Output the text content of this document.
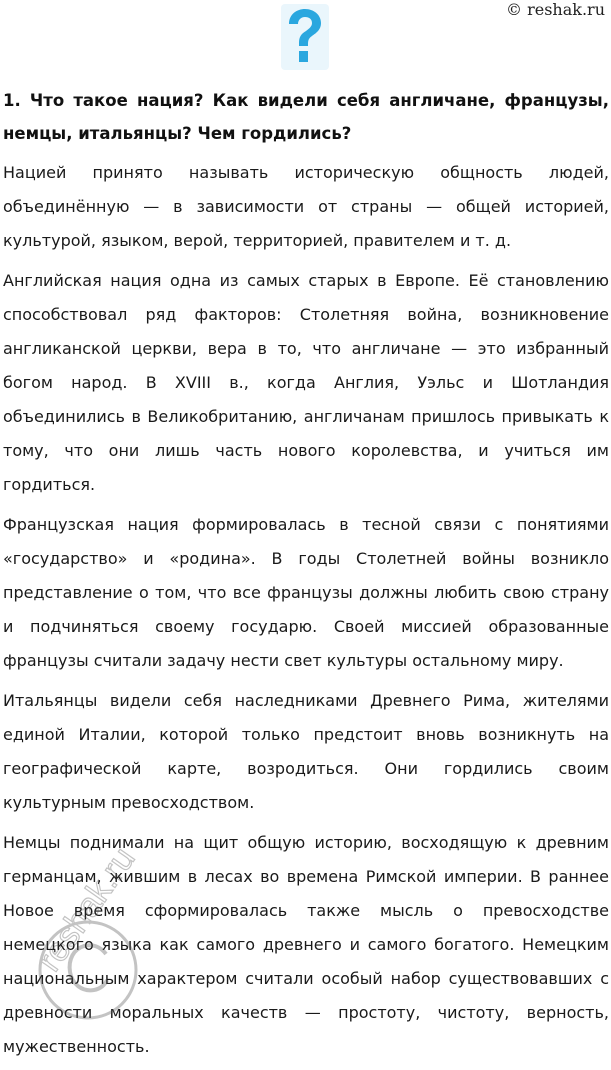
© reshak.ru
1. Что такое нация? Как видели себя англичане, французы, немцы, итальянцы? Чем гордились?

Нацией принято называть историческую общность людей, объединённую — в зависимости от страны — общей историей, культурой, языком, верой, территорией, правителем и т. д.

Английская нация одна из самых старых в Европе. Её становлению способствовал ряд факторов: Столетняя война, возникновение англиканской церкви, вера в то, что англичане — это избранный богом народ. В XVIII в., когда Англия, Уэльс и Шотландия объединились в Великобританию, англичанам пришлось привыкать к тому, что они лишь часть нового королевства, и учиться им гордиться.

Французская нация формировалась в тесной связи с понятиями «государство» и «родина». В годы Столетней войны возникло представление о том, что все французы должны любить свою страну и подчиняться своему государю. Своей миссией образованные французы считали задачу нести свет культуры остальному миру.

Итальянцы видели себя наследниками Древнего Рима, жителями единой Италии, которой только предстоит вновь возникнуть на географической карте, возродиться. Они гордились своим культурным превосходством.

Немцы поднимали на щит общую историю, восходящую к древним германцам, жившим в лесах во времена Римской империи. В раннее Новое время сформировалась также мысль о превосходстве немецкого языка как самого древнего и самого богатого. Немецким национальным характером считали особый набор существовавших с древности моральных качеств — простоту, чистоту, верность, мужественность.

reshak.ru
